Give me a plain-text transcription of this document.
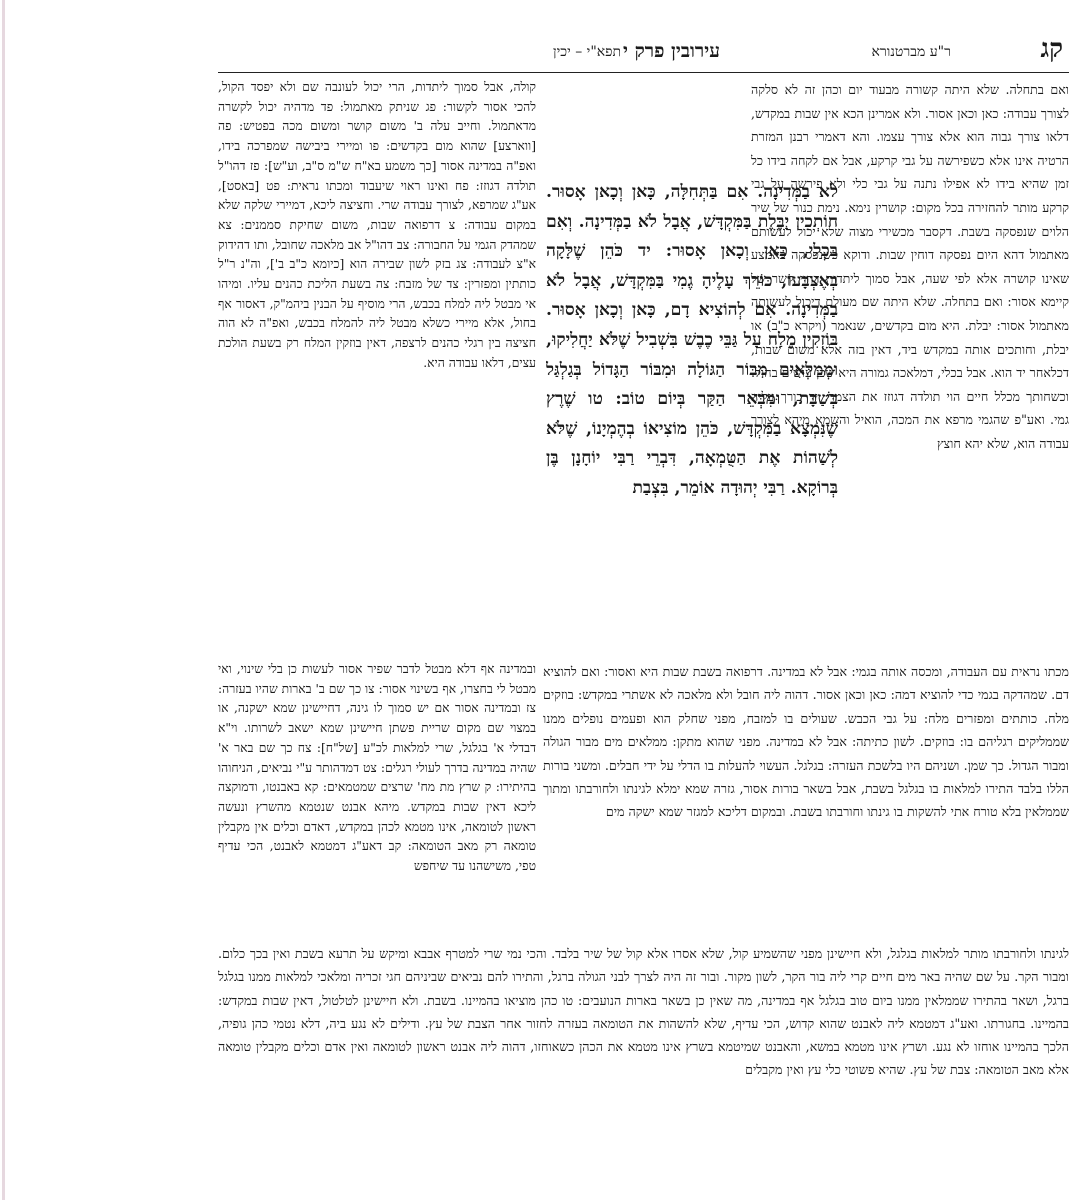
קג
ר"ע מברטנורא
עירובין פרק י
תפא"י – יכין

ואם בתחלה. שלא היתה קשורה מבעוד יום וכהן זה לא סלקה לצורך עבודה: כאן וכאן אסור. ולא אמרינן הכא אין שבות במקדש, דלאו צורך גבוה הוא אלא צורך עצמו. והא דאמרי רבנן המזרת הרטיה אינו אלא כשפירשה על גבי קרקע, אבל אם לקחה בידו כל זמן שהיא בידו לא אפילו נתנה על גבי כלי ולא פירשה על גבי קרקע מותר להחזירה בכל מקום: קושרין נימא. נימת כנור של שיר הלוים שנפסקה בשבת. דקסבר מכשירי מצוה שלא יכול לעשותם מאתמול דהא היום נפסקה דוחין שבות. ודוקא כשנפסקה באמצע שאינו קושרה אלא לפי שעה, אבל סמוך ליתדות דהוי קשר של קיימא אסור: ואם בתחלה. שלא היתה שם מעולם דיכול לעשותה מאתמול אסור: יבלת. היא מום בקדשים, שנאמר (ויקרא כ"ב) או יבלת, וחותכים אותה במקדש ביד, דאין בזה אלא משום שבות, דכלאחר יד הוא. אבל בכלי, דמלאכה גמורה היא שכן עושים בחול. וכשחותך מכלל חיים הוי תולדה דגוזז את הצמר: יד כורך עליה גמי. ואע"פ שהגמי מרפא את המכה, הואיל והשמא מיהא לצורך עבודה הוא, שלא יהא חוצץ

לא בַמְּדִינָה. אִם בַּתְּחִלָּה, כָּאן וְכָאן אָסוּר. חוֹתְכִין יַבֶּלֶת בַּמִּקְדָּשׁ, אֲבָל לֹא בַמְּדִינָה. וְאִם בִּכְלִי, כָּאן וְכָאן אָסוּר: יד כֹּהֵן שֶׁלָּקָה בְאֶצְבָּעוֹ, כּוֹרֵךְ עָלֶיהָ גֶמִי בַּמִּקְדָּשׁ, אֲבָל לֹא בַמְּדִינָה. אִם לְהוֹצִיא דָם, כָּאן וְכָאן אָסוּר. בּוֹזְקִין מֶלַח עַל גַּבֵּי כֶבֶשׁ בִּשְׁבִיל שֶׁלֹּא יַחֲלִיקוּ, וּמְמַלְּאִים מִבּוֹר הַגּוֹלָה וּמִבּוֹר הַגָּדוֹל בְּגַלְגַּל בְּשַׁבָּת, וּמִבְּאֵר הַקַּר בְּיוֹם טוֹב: טו שֶׁרֶץ שֶׁנִּמְצָא בַמִּקְדָּשׁ, כֹּהֵן מוֹצִיאוֹ בְהֶמְיָנוֹ, שֶׁלֹּא לְשַׁהוֹת אֶת הַטֻּמְאָה, דִּבְרֵי רַבִּי יוֹחָנָן בֶּן בְּרוֹקָא. רַבִּי יְהוּדָה אוֹמֵר, בִּצְבַת

קולה, אבל סמוך ליתדות, הרי יכול לעונבה שם ולא יפסד הקול, להכי אסור לקשור: פג שניתק מאתמול: פד מדהיה יכול לקשרה מדאתמול. וחייב עלה ב' משום קושר ומשום מכה בפטיש: פה [ווארצע] שהוא מום בקדשים: פו ומיירי ביבישה שמפרכה בידו, ואפ"ה במדינה אסור [כך משמע בא"ח ש"מ ס"ב, וע"ש]: פז דהו"ל תולדה דגוזז: פח ואינו ראוי שיעבוד ומכתו נראית: פט [באסט], אע"ג שמרפא, לצורך עבודה שרי. וחציצה ליכא, דמיירי שלקה שלא במקום עבודה: צ דרפואה שבות, משום שחיקת סממנים: צא שמהדק הגמי על החבורה: צב דהו"ל אב מלאכה שחובל, ותו דהידוק א"צ לעבודה: צג בזק לשון שבירה הוא [כיומא כ"ב ב'], וה"נ ר"ל כותתין ומפזרין: צד של מזבח: צה בשעת הליכת כהנים עליו. ומיהו אי מבטל ליה למלח בכבש, הרי מוסיף על הבנין ביהמ"ק, דאסור אף בחול, אלא מיירי כשלא מבטל ליה להמלח בכבש, ואפ"ה לא הוה חציצה בין רגלי כהנים לרצפה, דאין בוזקין המלח רק בשעת הולכת עצים, דלאו עבודה היא.

מכתו נראית עם העבודה, ומכסה אותה בגמי: אבל לא במדינה. דרפואה בשבת שבות היא ואסור: ואם להוציא דם. שמהדקה בגמי כדי להוציא דמה: כאן וכאן אסור. דהוה ליה חובל ולא מלאכה לא אשתרי במקדש: בוזקים מלח. כותתים ומפזרים מלח: על גבי הכבש. שעולים בו למזבח, מפני שחלק הוא ופעמים נופלים ממנו שממליקים רגליהם בו: בוזקים. לשון כתיתה: אבל לא במדינה. מפני שהוא מתקן: ממלאים מים מבור הגולה ומבור הגדול. כך שמן. ושניהם היו בלשכת העזרה: בגלגל. העשוי להעלות בו הדלי על ידי חבלים. ומשני בורות הללו בלבד התירו למלאות בו בגלגל בשבת, אבל בשאר בורות אסור, גזרה שמא ימלא לגינתו ולחורבתו ומתוך שממלאין בלא טורח אתי להשקות בו גינתו וחורבתו בשבת. ובמקום דליכא למגזר שמא ישקה מים

ובמדינה אף דלא מבטל לדבר שפיר אסור לעשות כן בלי שינוי, ואי מבטל לי בחצרו, אף בשינוי אסור: צו כך שם ב' בארות שהיו בעזרה: צז ובמדינה אסור אם יש סמוך לו גינה, דחיישינן שמא ישקנה, או במצוי שם מקום שריית פשתן חיישינן שמא ישאב לשרותו. וי"א דבדלי א' בגלגל, שרי למלאות לכ"ע [של"ח]: צח כך שם באר א' שהיה במדינה בדרך לעולי רגלים: צט דמדהותר ע"י נביאים, הניחוהו בהיתירו: ק שרץ מת מח' שרצים שמטמאים: קא באבנטו, ודמוקצה ליכא דאין שבות במקדש. מיהא אבנט שנטמא מהשרץ ונעשה ראשון לטומאה, אינו מטמא לכהן במקדש, דאדם וכלים אין מקבלין טומאה רק מאב הטומאה: קב דאע"ג דמטמא לאבנט, הכי עדיף טפי, משישהנו עד שיחפש

לגינתו ולחורבתו מותר למלאות בגלגל, ולא חיישינן מפני שהשמיע קול, שלא אסרו אלא קול של שיר בלבד. והכי נמי שרי למטרף אבבא ומיקש על תרעא בשבת ואין בכך כלום. ומבור הקר. על שם שהיה באר מים חיים קרי ליה בור הקר, לשון מקור. ובור זה היה לצרך לבני הגולה ברגל, והתירו להם נביאים שביניהם חגי זכריה ומלאכי למלאות ממנו בגלגל ברגל, ושאר בהתירו שממלאין ממנו ביום טוב בגלגל אף במדינה, מה שאין כן בשאר בארות הנועבים: טו כהן מוציאו בהמיינו. בשבת. ולא חיישינן לטלטול, דאין שבות במקדש: בהמיינו. בחגורתו. ואע"ג דמטמא ליה לאבנט שהוא קדוש, הכי עדיף, שלא להשהות את הטומאה בעזרה לחזור אחר הצבת של עץ. ודילים לא נגע ביה, דלא נטמי כהן גופיה, הלכך בהמיינו אוחזו לא נגע. ושרץ אינו מטמא במשא, והאבנט שמיטמא בשרץ אינו מטמא את הכהן כשאוחזו, דהוה ליה אבנט ראשון לטומאה ואין אדם וכלים מקבלין טומאה אלא מאב הטומאה: צבת של עץ. שהיא פשוטי כלי עץ ואין מקבלים
